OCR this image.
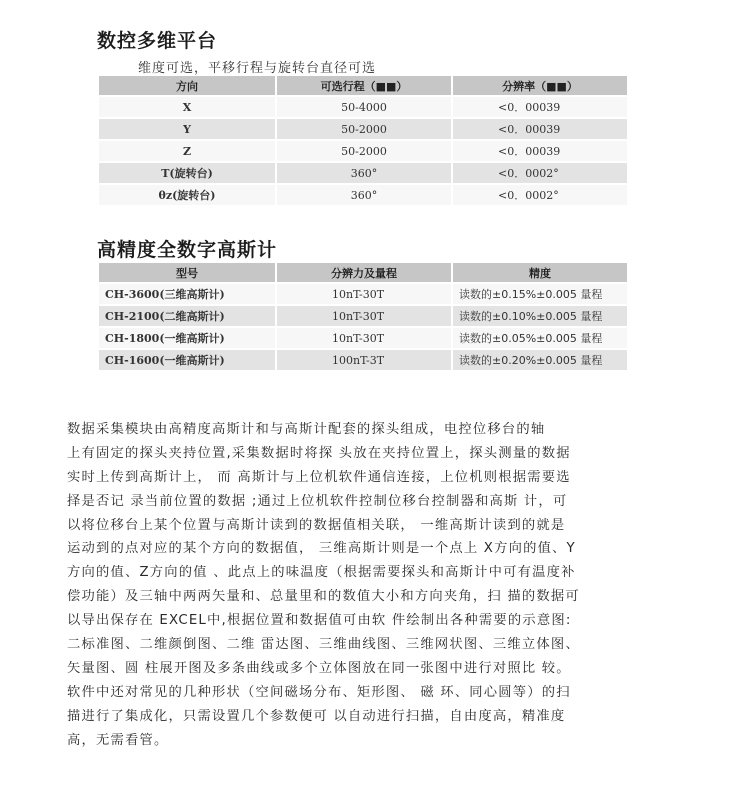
数控多维平台
维度可选，平移行程与旋转台直径可选
方向	可选行程（■■）	分辨率（■■）
X	50-4000	<0．00039
Y	50-2000	<0．00039
Z	50-2000	<0．00039
T(旋转台)	360°	<0．0002°
θz(旋转台)	360°	<0．0002°
高精度全数字高斯计
型号	分辨力及量程	精度
CH-3600(三维高斯计)	10nT-30T	读数的±0.15%±0.005 量程
CH-2100(二维高斯计)	10nT-30T	读数的±0.10%±0.005 量程
CH-1800(一维高斯计)	10nT-30T	读数的±0.05%±0.005 量程
CH-1600(一维高斯计)	100nT-3T	读数的±0.20%±0.005 量程
数据采集模块由高精度高斯计和与高斯计配套的探头组成，电控位移台的轴
上有固定的探头夹持位置,采集数据时将探 头放在夹持位置上，探头测量的数据
实时上传到高斯计上， 而 高斯计与上位机软件通信连接，上位机则根据需要选
择是否记 录当前位置的数据 ;通过上位机软件控制位移台控制器和高斯 计，可
以将位移台上某个位置与高斯计读到的数据值相关联， 一维高斯计读到的就是
运动到的点对应的某个方向的数据值， 三维高斯计则是一个点上 X方向的值、Y
方向的值、Z方向的值 、此点上的味温度（根据需要探头和高斯计中可有温度补
偿功能）及三轴中两两矢量和、总量里和的数值大小和方向夹角，扫 描的数据可
以导出保存在 EXCEL中,根据位置和数据值可由软 件绘制出各种需要的示意图:
二标准图、二维颜倒图、二维 雷达图、三维曲线图、三维网状图、三维立体图、
矢量图、圆 柱展开图及多条曲线或多个立体图放在同一张图中进行对照比 较。
软件中还对常见的几种形状（空间磁场分布、矩形图、 磁 环、同心圆等）的扫
描进行了集成化，只需设置几个参数便可 以自动进行扫描，自由度高，精准度
高，无需看管。
